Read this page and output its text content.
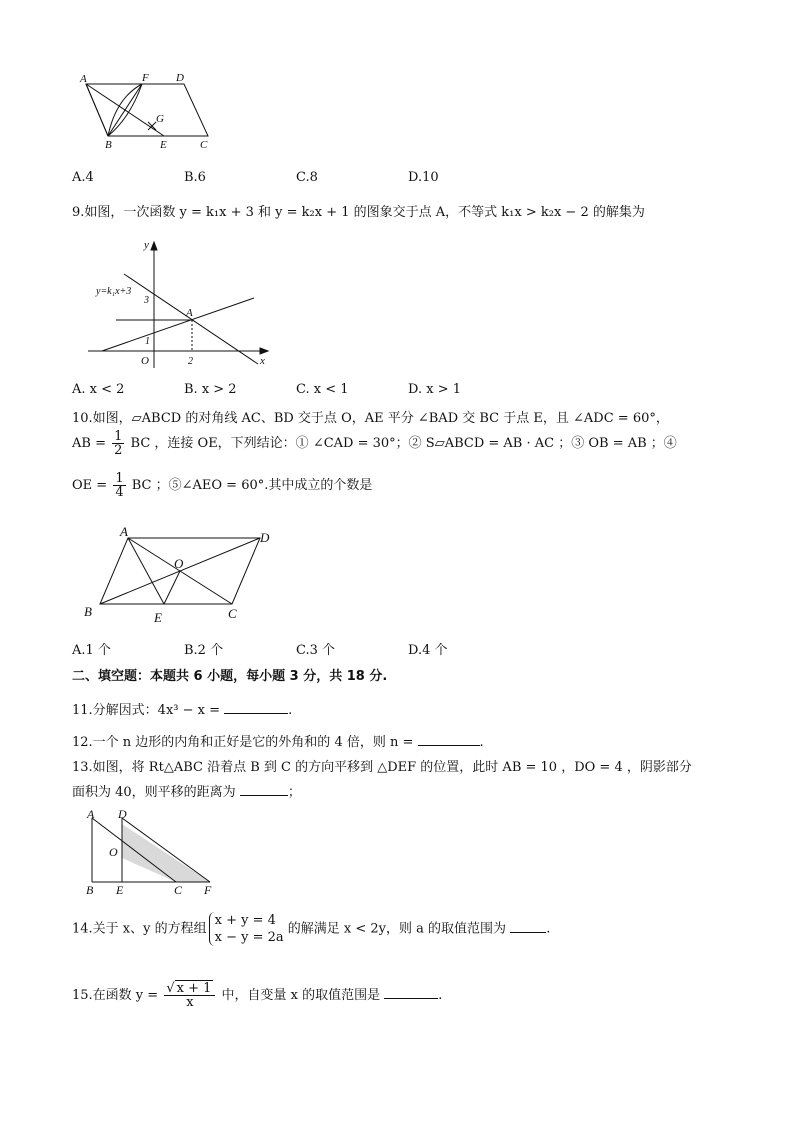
A	F D
G
B	E	C
A.4	B.6	C.8	D.10
9.如图，一次函数 y = k₁x + 3 和 y = k₂x + 1 的图象交于点 A，不等式 k₁x > k₂x − 2 的解集为
y
y=k₁x+3
3
A
1
O	2	x
A. x < 2	B. x > 2	C. x < 1	D. x > 1
10.如图，▱ABCD 的对角线 AC、BD 交于点 O，AE 平分 ∠BAD 交 BC 于点 E，且 ∠ADC = 60°，
AB = $\frac{1}{2}$ BC ，连接 OE，下列结论：① ∠CAD = 30°；② S▱ABCD = AB · AC ；③ OB = AB ；④
OE = $\frac{1}{4}$ BC ；⑤∠AEO = 60°.其中成立的个数是
A	D
O
B	E	C
A.1 个	B.2 个	C.3 个	D.4 个
二、填空题：本题共 6 小题，每小题 3 分，共 18 分.
11.分解因式：4x³ − x =	.
12.一个 n 边形的内角和正好是它的外角和的 4 倍，则 n =	.
13.如图，将 Rt△ABC 沿着点 B 到 C 的方向平移到 △DEF 的位置，此时 AB = 10 ，DO = 4 ，阴影部分
面积为 40，则平移的距离为	；
A D
O
B E	C F
14.关于 x、y 的方程组
x + y = 4
x − y = 2a
的解满足 x < 2y，则 a 的取值范围为	.
15.在函数 $y = \frac{√ x + 1}{x}$ 中，自变量 x 的取值范围是	.
